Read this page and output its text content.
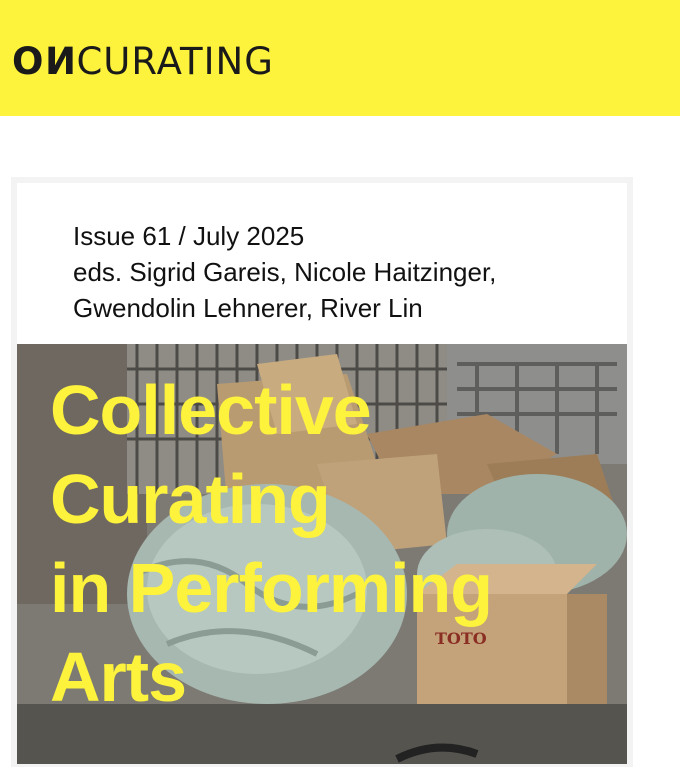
ON CURATING
Issue 61 / July 2025
eds. Sigrid Gareis, Nicole Haitzinger,
Gwendolin Lehnerer, River Lin
TOTO
Collective
Curating
in Performing
Arts
